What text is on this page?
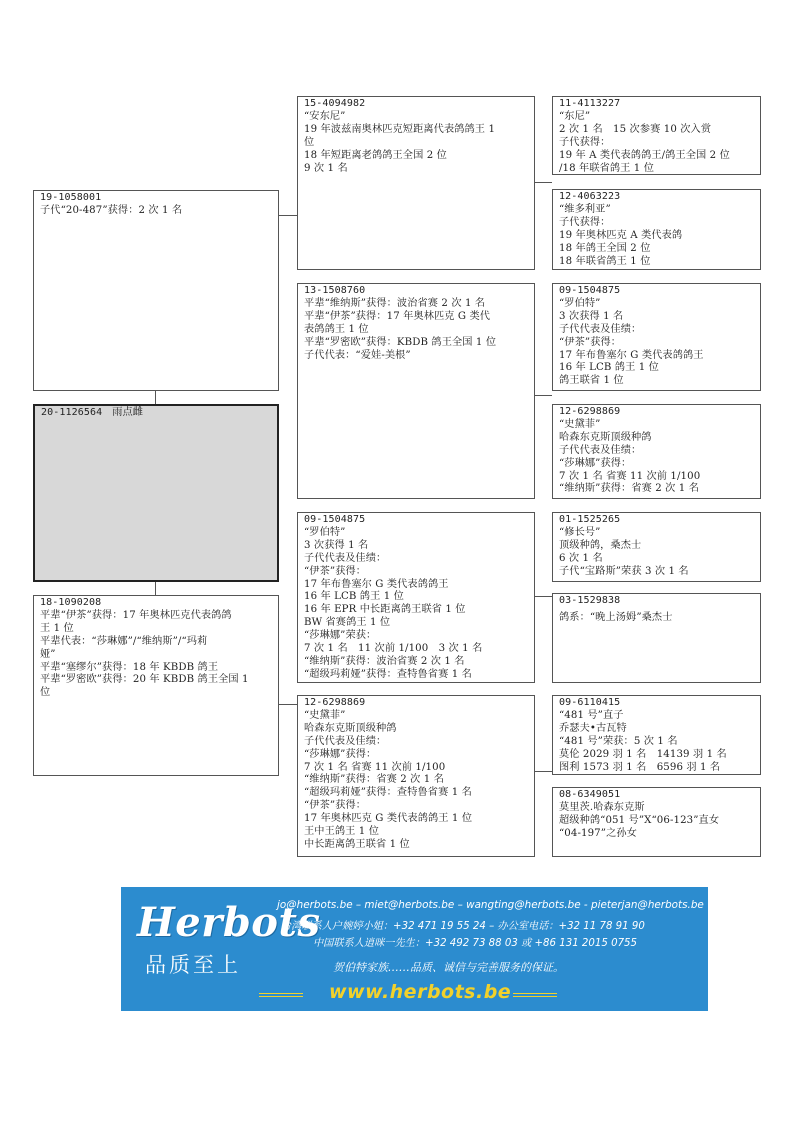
19-1058001
子代“20-487”获得：2 次 1 名
20-1126564 雨点雌
18-1090208
平辈“伊茶”获得：17 年奥林匹克代表鸽鸽
王 1 位
平辈代表：“莎琳娜”/“维纳斯”/“玛莉
娅”
平辈“塞缪尔”获得：18 年 KBDB 鸽王
平辈“罗密欧”获得：20 年 KBDB 鸽王全国 1
位
15-4094982
“安东尼”
19 年波兹南奥林匹克短距离代表鸽鸽王 1
位
18 年短距离老鸽鸽王全国 2 位
9 次 1 名
13-1508760
平辈“维纳斯”获得：波治省赛 2 次 1 名
平辈“伊茶”获得：17 年奥林匹克 G 类代
表鸽鸽王 1 位
平辈“罗密欧”获得：KBDB 鸽王全国 1 位
子代代表：“爱娃-美根”
09-1504875
“罗伯特”
3 次获得 1 名
子代代表及佳绩：
“伊茶”获得：
17 年布鲁塞尔 G 类代表鸽鸽王
16 年 LCB 鸽王 1 位
16 年 EPR 中长距离鸽王联省 1 位
BW 省赛鸽王 1 位
“莎琳娜”荣获：
7 次 1 名　11 次前 1/100　3 次 1 名
“维纳斯”获得：波治省赛 2 次 1 名
“超级玛莉娅”获得：查特鲁省赛 1 名
12-6298869
“史黛菲”
哈森东克斯顶级种鸽
子代代表及佳绩：
“莎琳娜”获得：
7 次 1 名 省赛 11 次前 1/100
“维纳斯”获得：省赛 2 次 1 名
“超级玛莉娅”获得：查特鲁省赛 1 名
“伊茶”获得：
17 年奥林匹克 G 类代表鸽鸽王 1 位
王中王鸽王 1 位
中长距离鸽王联省 1 位
11-4113227
“东尼”
2 次 1 名　15 次参赛 10 次入赏
子代获得：
19 年 A 类代表鸽鸽王/鸽王全国 2 位
/18 年联省鸽王 1 位
12-4063223
“维多利亚”
子代获得：
19 年奥林匹克 A 类代表鸽
18 年鸽王全国 2 位
18 年联省鸽王 1 位
09-1504875
“罗伯特”
3 次获得 1 名
子代代表及佳绩：
“伊茶”获得：
17 年布鲁塞尔 G 类代表鸽鸽王
16 年 LCB 鸽王 1 位
鸽王联省 1 位
12-6298869
“史黛菲”
哈森东克斯顶级种鸽
子代代表及佳绩：
“莎琳娜”获得：
7 次 1 名 省赛 11 次前 1/100
“维纳斯”获得：省赛 2 次 1 名
01-1525265
“修长号”
顶级种鸽，桑杰士
6 次 1 名
子代“宝路斯”荣获 3 次 1 名
03-1529838
鸽系：“晚上汤姆”桑杰士
09-6110415
“481 号”直子
乔瑟夫•古瓦特
“481 号”荣获：5 次 1 名
莫伦 2029 羽 1 名　14139 羽 1 名
图利 1573 羽 1 名　6596 羽 1 名
08-6349051
莫里茨.哈森东克斯
超级种鸽“051 号”X“06-123”直女
“04-197”之孙女
Herbots
品质至上
jo@herbots.be – miet@herbots.be – wangting@herbots.be - pieterjan@herbots.be
台湾联系人户婉婷小姐：+32 471 19 55 24 – 办公室电话：+32 11 78 91 90
中国联系人逍咪一先生：+32 492 73 88 03 或 +86 131 2015 0755
贺伯特家族……品质、诚信与完善服务的保证。
www.herbots.be
